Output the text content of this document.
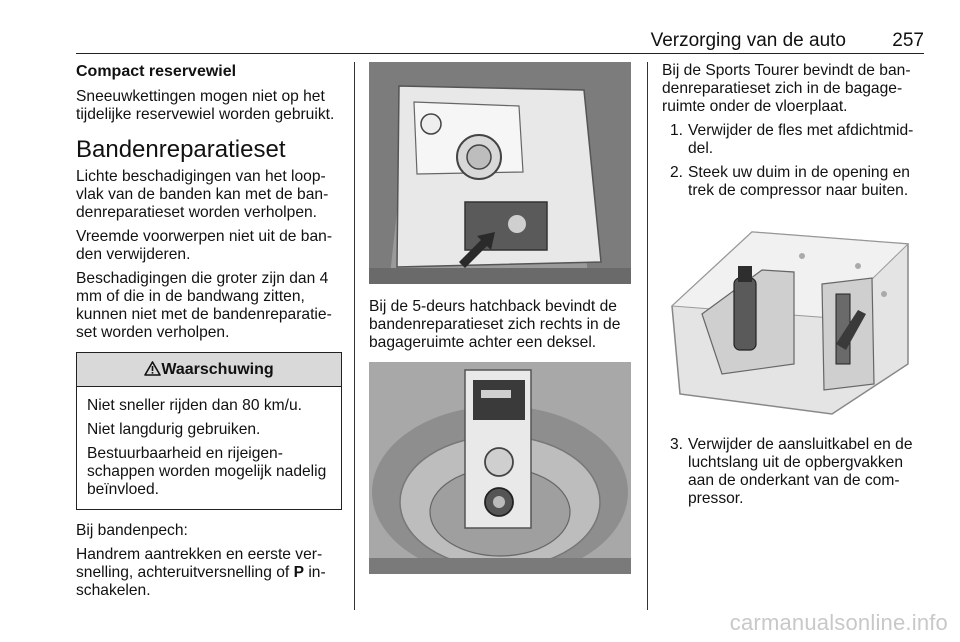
Verzorging van de auto 257
Compact reservewiel

Sneeuwkettingen mogen niet op het tijdelijke reservewiel worden gebruikt.

Bandenreparatieset

Lichte beschadigingen van het loopvlak van de banden kan met de bandenreparatieset worden verholpen.

Vreemde voorwerpen niet uit de banden verwijderen.

Beschadigingen die groter zijn dan 4 mm of die in de bandwang zitten, kunnen niet met de bandenreparatieset worden verholpen.

Waarschuwing

Niet sneller rijden dan 80 km/u.

Niet langdurig gebruiken.

Bestuurbaarheid en rijeigenschappen worden mogelijk nadelig beïnvloed.

Bij bandenpech:

Handrem aantrekken en eerste versnelling, achteruitversnelling of P inschakelen.

Bij de 5-deurs hatchback bevindt de bandenreparatieset zich rechts in de bagageruimte achter een deksel.

Bij de Sports Tourer bevindt de bandenreparatieset zich in de bagageruimte onder de vloerplaat.

1. Verwijder de fles met afdichtmiddel.
2. Steek uw duim in de opening en trek de compressor naar buiten.
3. Verwijder de aansluitkabel en de luchtslang uit de opbergvakken aan de onderkant van de compressor.
carmanualsonline.info
